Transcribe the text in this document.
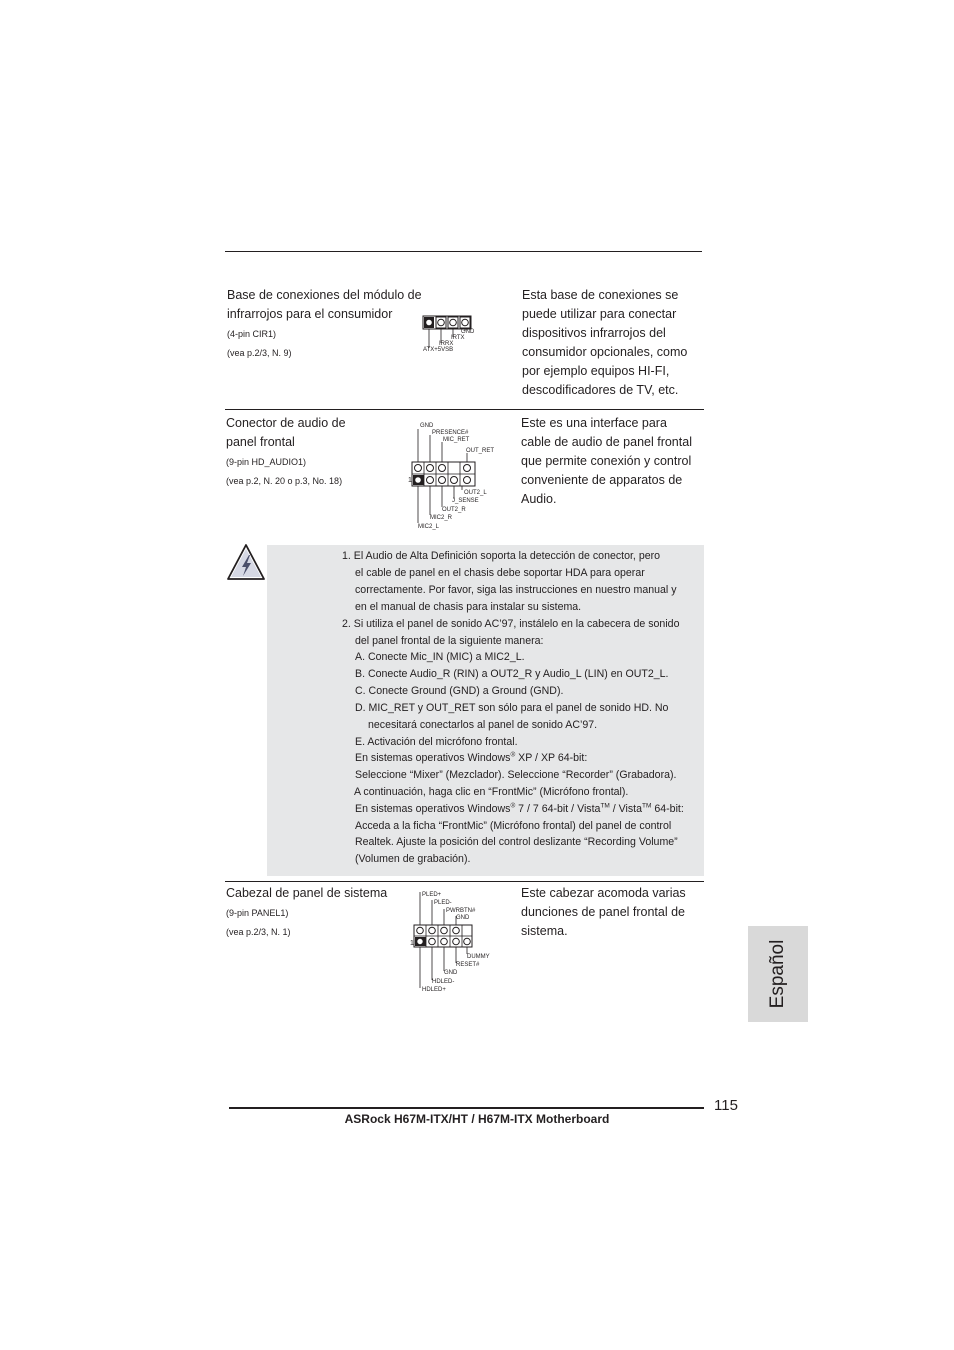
Base de conexiones del módulo de
infrarrojos para el consumidor
(4-pin CIR1)
(vea p.2/3, N. 9)
GND
IRTX
IRRX
ATX+5VSB
Esta base de conexiones se
puede utilizar para conectar
dispositivos infrarrojos del
consumidor opcionales, como
por ejemplo equipos HI-FI,
descodificadores de TV, etc.
Conector de audio de
panel frontal
(9-pin HD_AUDIO1)
(vea p.2, N. 20 o p.3, No. 18)	1
GND
PRESENCE#
MIC_RET
OUT_RET
OUT2_L
J_SENSE
OUT2_R
MIC2_R
MIC2_L
Este es una interface para
cable de audio de panel frontal
que permite conexión y control
conveniente de apparatos de
Audio.
1. El Audio de Alta Definición soporta la detección de conector, pero
el cable de panel en el chasis debe soportar HDA para operar
correctamente. Por favor, siga las instrucciones en nuestro manual y
en el manual de chasis para instalar su sistema.
2. Si utiliza el panel de sonido AC’97, instálelo en la cabecera de sonido
del panel frontal de la siguiente manera:
A. Conecte Mic_IN (MIC) a MIC2_L.
B. Conecte Audio_R (RIN) a OUT2_R y Audio_L (LIN) en OUT2_L.
C. Conecte Ground (GND) a Ground (GND).
D. MIC_RET y OUT_RET son sólo para el panel de sonido HD. No
necesitará conectarlos al panel de sonido AC’97.
E. Activación del micrófono frontal.
En sistemas operativos Windows® XP / XP 64-bit:
Seleccione “Mixer” (Mezclador). Seleccione “Recorder” (Grabadora).
A continuación, haga clic en “FrontMic” (Micrófono frontal).
En sistemas operativos Windows® 7 / 7 64-bit / Vista™ / Vista™ 64-bit:
Acceda a la ficha “FrontMic” (Micrófono frontal) del panel de control
Realtek. Ajuste la posición del control deslizante “Recording Volume”
(Volumen de grabación).
Cabezal de panel de sistema
(9-pin PANEL1)
(vea p.2/3, N. 1)
1
PLED+
PLED-
PWRBTN#
GND
DUMMY
RESET#
GND
HDLED-
HDLED+
Este cabezar acomoda varias
dunciones de panel frontal de
sistema.
Español
115
ASRock H67M-ITX/HT / H67M-ITX Motherboard
